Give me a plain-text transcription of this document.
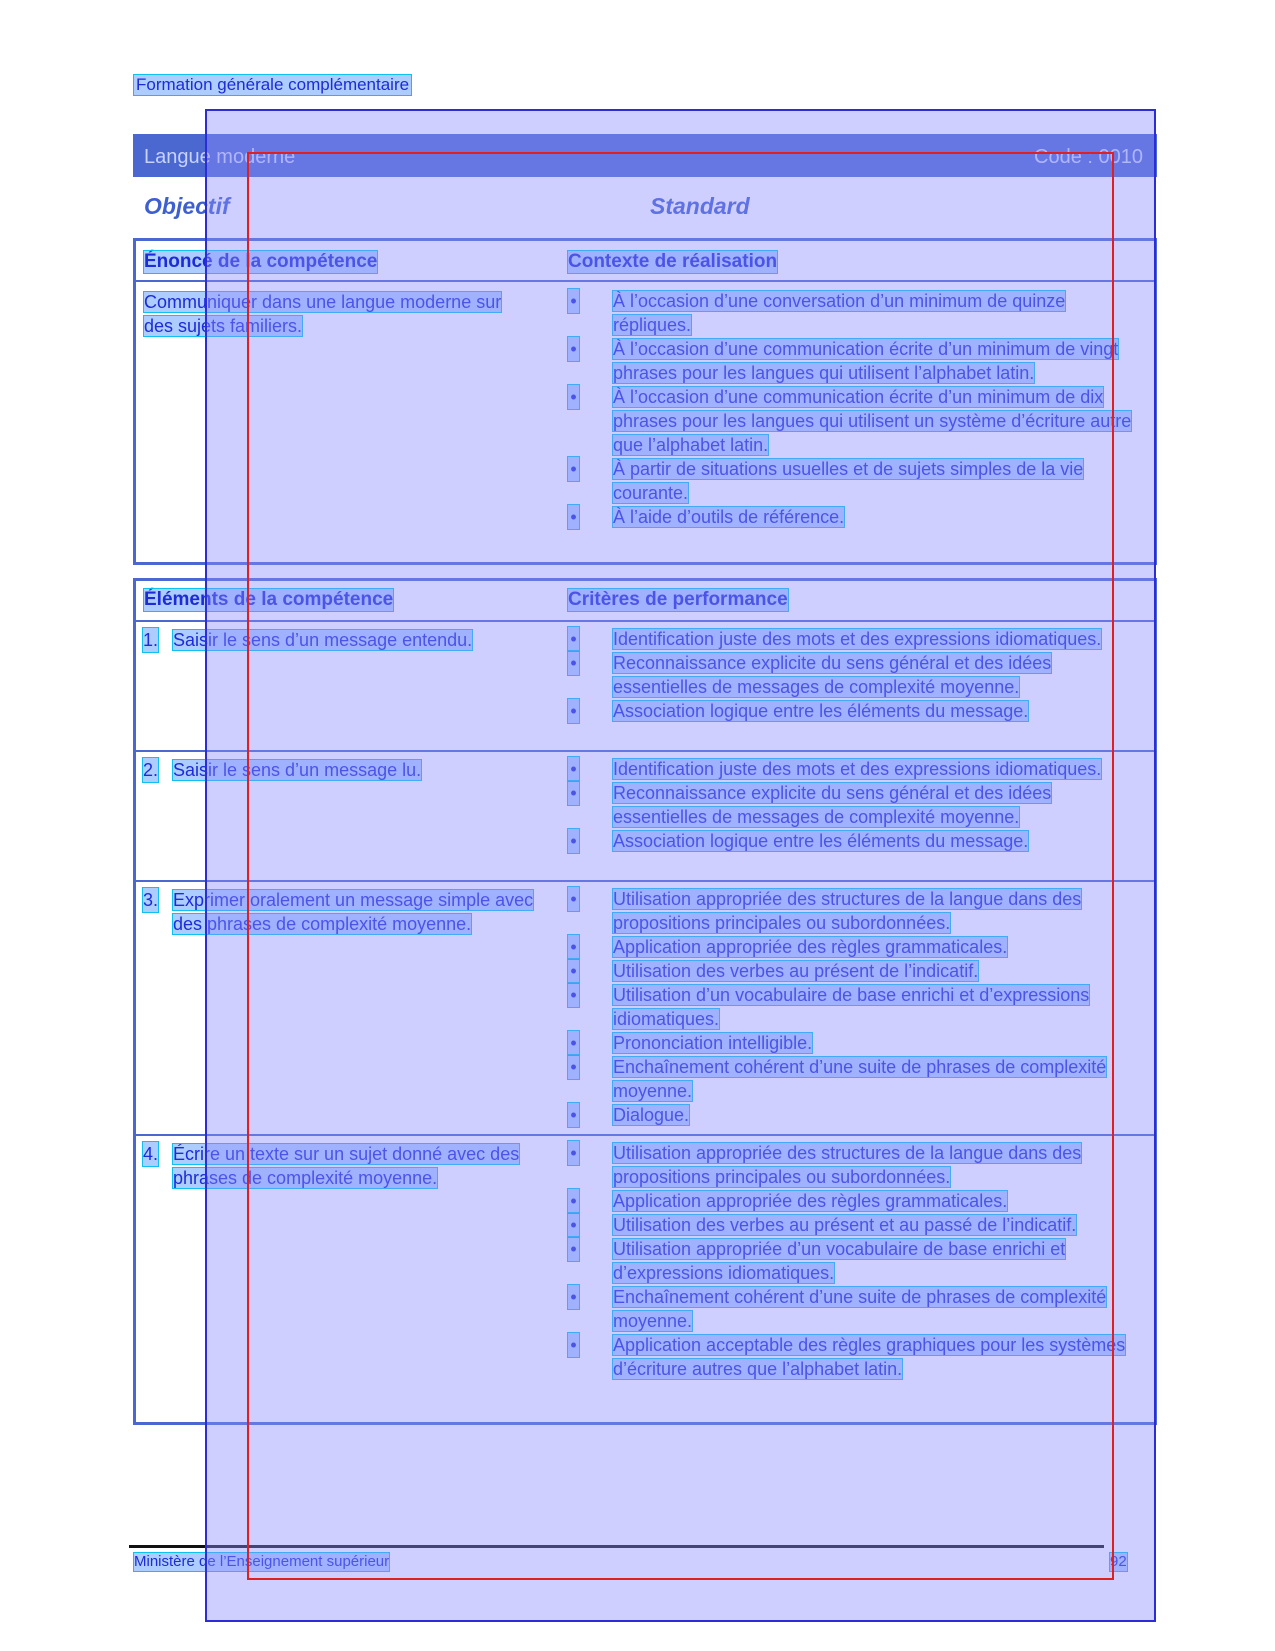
Formation générale complémentaire
Langue moderne	Code : 0010
Objectif	Standard
Énoncé de la compétence	Contexte de réalisation
Communiquer dans une langue moderne sur des sujets familiers.
• À l’occasion d’une conversation d’un minimum de quinze répliques.
• À l’occasion d’une communication écrite d’un minimum de vingt phrases pour les langues qui utilisent l’alphabet latin.
• À l’occasion d’une communication écrite d’un minimum de dix phrases pour les langues qui utilisent un système d’écriture autre que l’alphabet latin.
• À partir de situations usuelles et de sujets simples de la vie courante.
• À l’aide d’outils de référence.
Éléments de la compétence	Critères de performance
1. Saisir le sens d’un message entendu.	• Identification juste des mots et des expressions idiomatiques.
• Reconnaissance explicite du sens général et des idées essentielles de messages de complexité moyenne.
• Association logique entre les éléments du message.
2. Saisir le sens d’un message lu.	• Identification juste des mots et des expressions idiomatiques.
• Reconnaissance explicite du sens général et des idées essentielles de messages de complexité moyenne.
• Association logique entre les éléments du message.
3. Exprimer oralement un message simple avec des phrases de complexité moyenne.
• Utilisation appropriée des structures de la langue dans des propositions principales ou subordonnées.
• Application appropriée des règles grammaticales.
• Utilisation des verbes au présent de l’indicatif.
• Utilisation d’un vocabulaire de base enrichi et d’expressions idiomatiques.
• Prononciation intelligible.
• Enchaînement cohérent d’une suite de phrases de complexité moyenne.
• Dialogue.
4. Écrire un texte sur un sujet donné avec des phrases de complexité moyenne.
• Utilisation appropriée des structures de la langue dans des propositions principales ou subordonnées.
• Application appropriée des règles grammaticales.
• Utilisation des verbes au présent et au passé de l’indicatif.
• Utilisation appropriée d’un vocabulaire de base enrichi et d’expressions idiomatiques.
• Enchaînement cohérent d’une suite de phrases de complexité moyenne.
• Application acceptable des règles graphiques pour les systèmes d’écriture autres que l’alphabet latin.
Ministère de l’Enseignement supérieur	92
